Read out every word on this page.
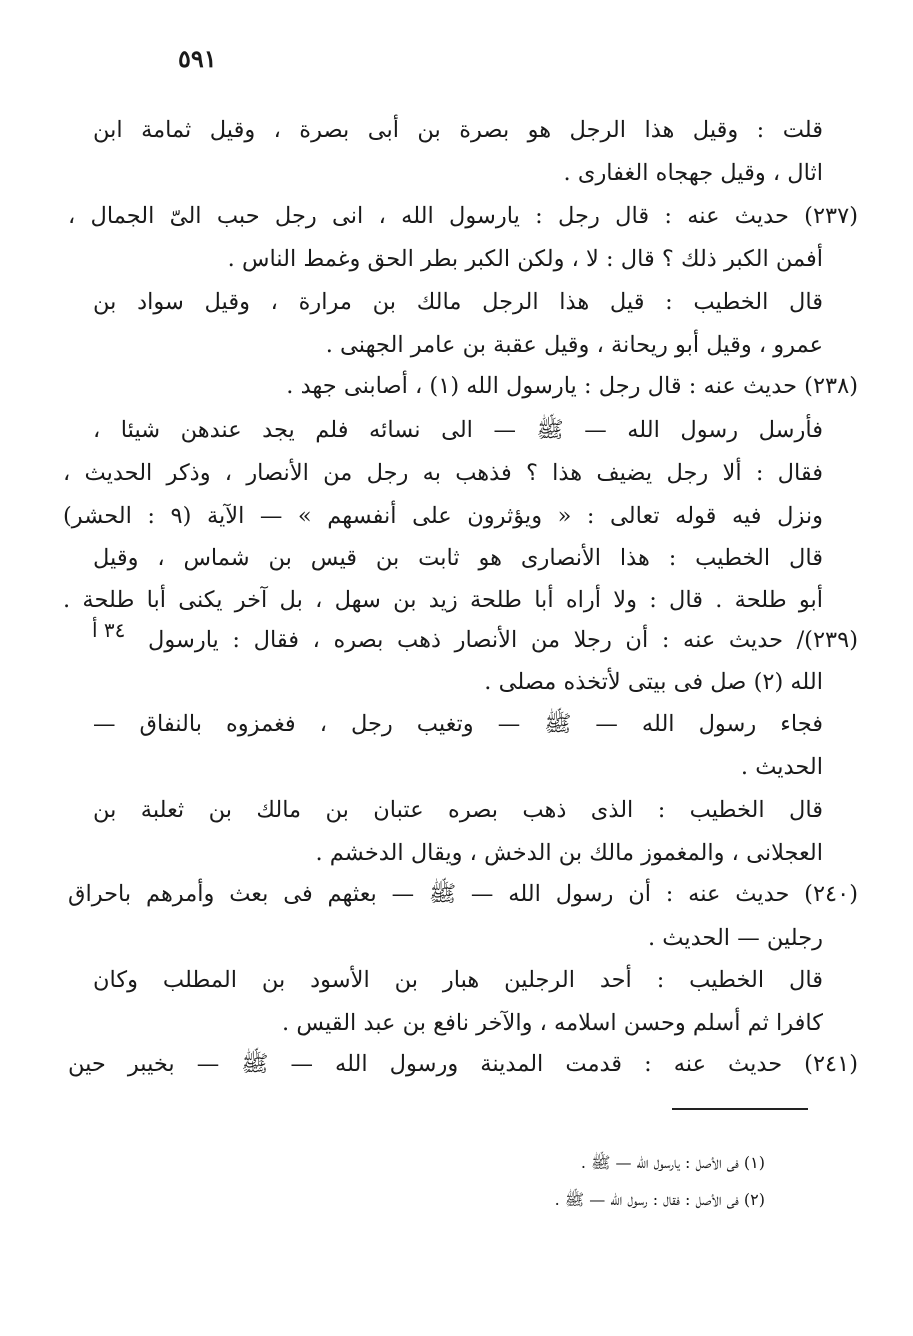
٥٩١
قلت : وقيل هذا الرجل هو بصرة بن أبى بصرة ، وقيل ثمامة ابن
اثال ، وقيل جهجاه الغفارى .
(٢٣٧) حديث عنه : قال رجل : يارسول الله ، انى رجل حبب الىّ الجمال ،
أفمن الكبر ذلك ؟ قال : لا ، ولكن الكبر بطر الحق وغمط الناس .
قال الخطيب : قيل هذا الرجل مالك بن مرارة ، وقيل سواد بن
عمرو ، وقيل أبو ريحانة ، وقيل عقبة بن عامر الجهنى .
(٢٣٨) حديث عنه : قال رجل : يارسول الله (١) ، أصابنى جهد .
فأرسل رسول الله — ﷺ — الى نسائه فلم يجد عندهن شيئا ،
فقال : ألا رجل يضيف هذا ؟ فذهب به رجل من الأنصار ، وذكر الحديث ،
ونزل فيه قوله تعالى : « ويؤثرون على أنفسهم » — الآية (٩ : الحشر)
قال الخطيب : هذا الأنصارى هو ثابت بن قيس بن شماس ، وقيل
أبو طلحة . قال : ولا أراه أبا طلحة زيد بن سهل ، بل آخر يكنى أبا طلحة .
(٢٣٩)/ حديث عنه : أن رجلا من الأنصار ذهب بصره ، فقال : يارسول
٣٤ أ
الله (٢) صل فى بيتى لأتخذه مصلى .
فجاء رسول الله — ﷺ — وتغيب رجل ، فغمزوه بالنفاق —
الحديث .
قال الخطيب : الذى ذهب بصره عتبان بن مالك بن ثعلبة بن
العجلانى ، والمغموز مالك بن الدخش ، ويقال الدخشم .
(٢٤٠) حديث عنه : أن رسول الله — ﷺ — بعثهم فى بعث وأمرهم باحراق
رجلين — الحديث .
قال الخطيب : أحد الرجلين هبار بن الأسود بن المطلب وكان
كافرا ثم أسلم وحسن اسلامه ، والآخر نافع بن عبد القيس .
(٢٤١) حديث عنه : قدمت المدينة ورسول الله — ﷺ — بخيبر حين
(١) فى الأصل : يارسول الله — ﷺ .
(٢) فى الأصل : فقال : رسول الله — ﷺ .
